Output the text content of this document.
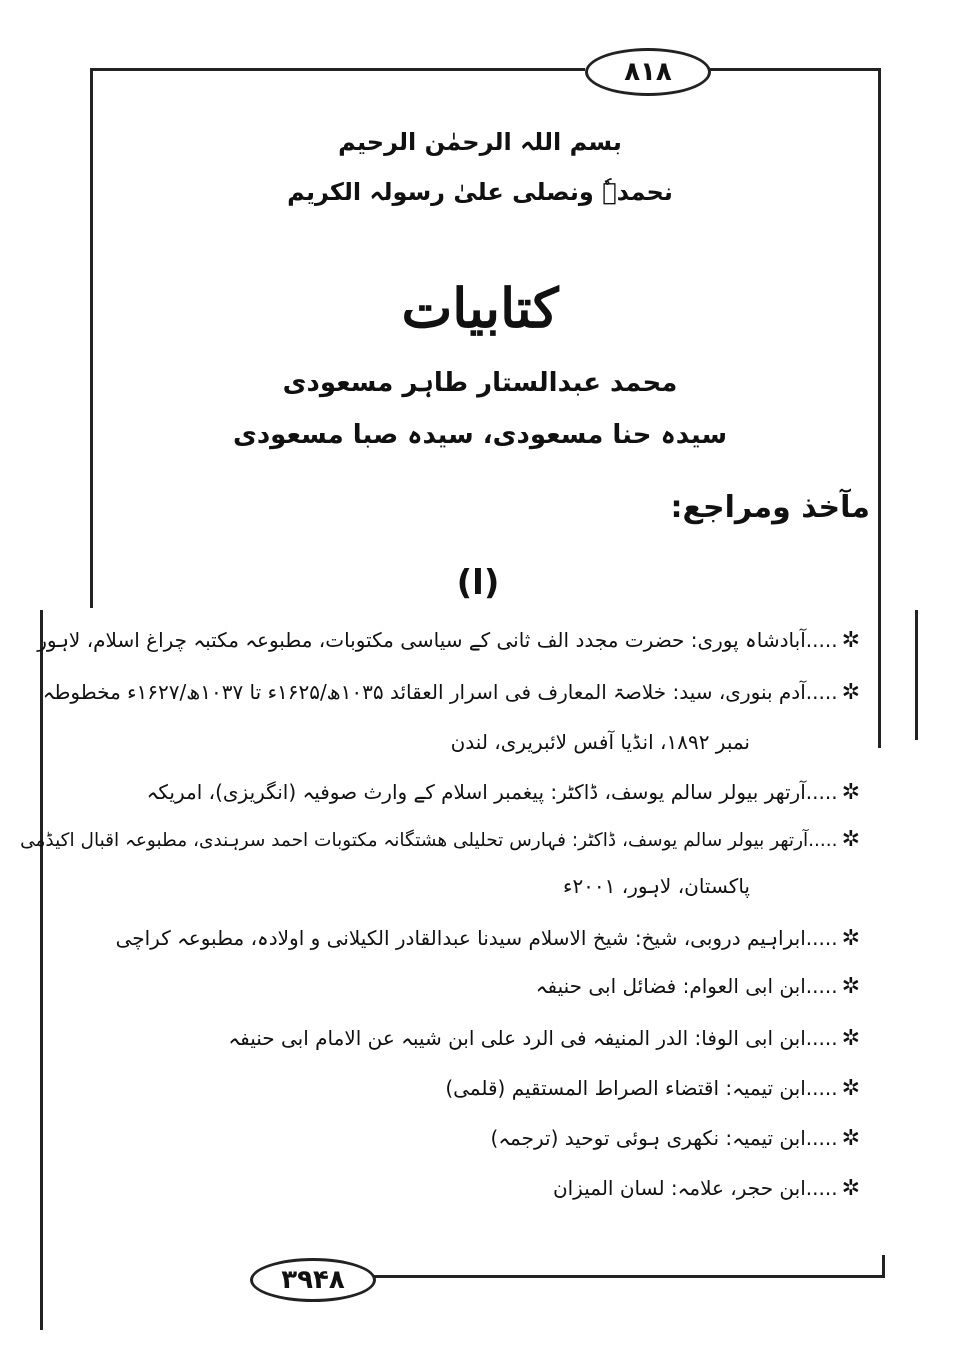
۸۱۸
۳۹۴۸
بسم اللہ الرحمٰن الرحیم
نحمدہٗ ونصلی علیٰ رسولہ الکریم
کتابیات
محمد عبدالستار طاہر مسعودی
سیدہ حنا مسعودی، سیدہ صبا مسعودی
مآخذ ومراجع:
(ا)
✲.....آبادشاہ پوری: حضرت مجدد الف ثانی کے سیاسی مکتوبات، مطبوعہ مکتبہ چراغ اسلام، لاہور
✲.....آدم بنوری، سید: خلاصۃ المعارف فی اسرار العقائد ۱۰۳۵ھ/۱۶۲۵ء تا ۱۰۳۷ھ/۱۶۲۷ء مخطوطہ
نمبر ۱۸۹۲، انڈیا آفس لائبریری، لندن
✲.....آرتھر بیولر سالم یوسف، ڈاکٹر: پیغمبر اسلام کے وارث صوفیہ (انگریزی)، امریکہ
✲.....آرتھر بیولر سالم یوسف، ڈاکٹر: فہارس تحلیلی ھشتگانہ مکتوبات احمد سرہندی، مطبوعہ اقبال اکیڈمی
پاکستان، لاہور، ۲۰۰۱ء
✲.....ابراہیم دروبی، شیخ: شیخ الاسلام سیدنا عبدالقادر الکیلانی و اولادہ، مطبوعہ کراچی
✲.....ابن ابی العوام: فضائل ابی حنیفہ
✲.....ابن ابی الوفا: الدر المنیفہ فی الرد علی ابن شیبہ عن الامام ابی حنیفہ
✲.....ابن تیمیہ: اقتضاء الصراط المستقیم (قلمی)
✲.....ابن تیمیہ: نکھری ہوئی توحید (ترجمہ)
✲.....ابن حجر، علامہ: لسان المیزان
